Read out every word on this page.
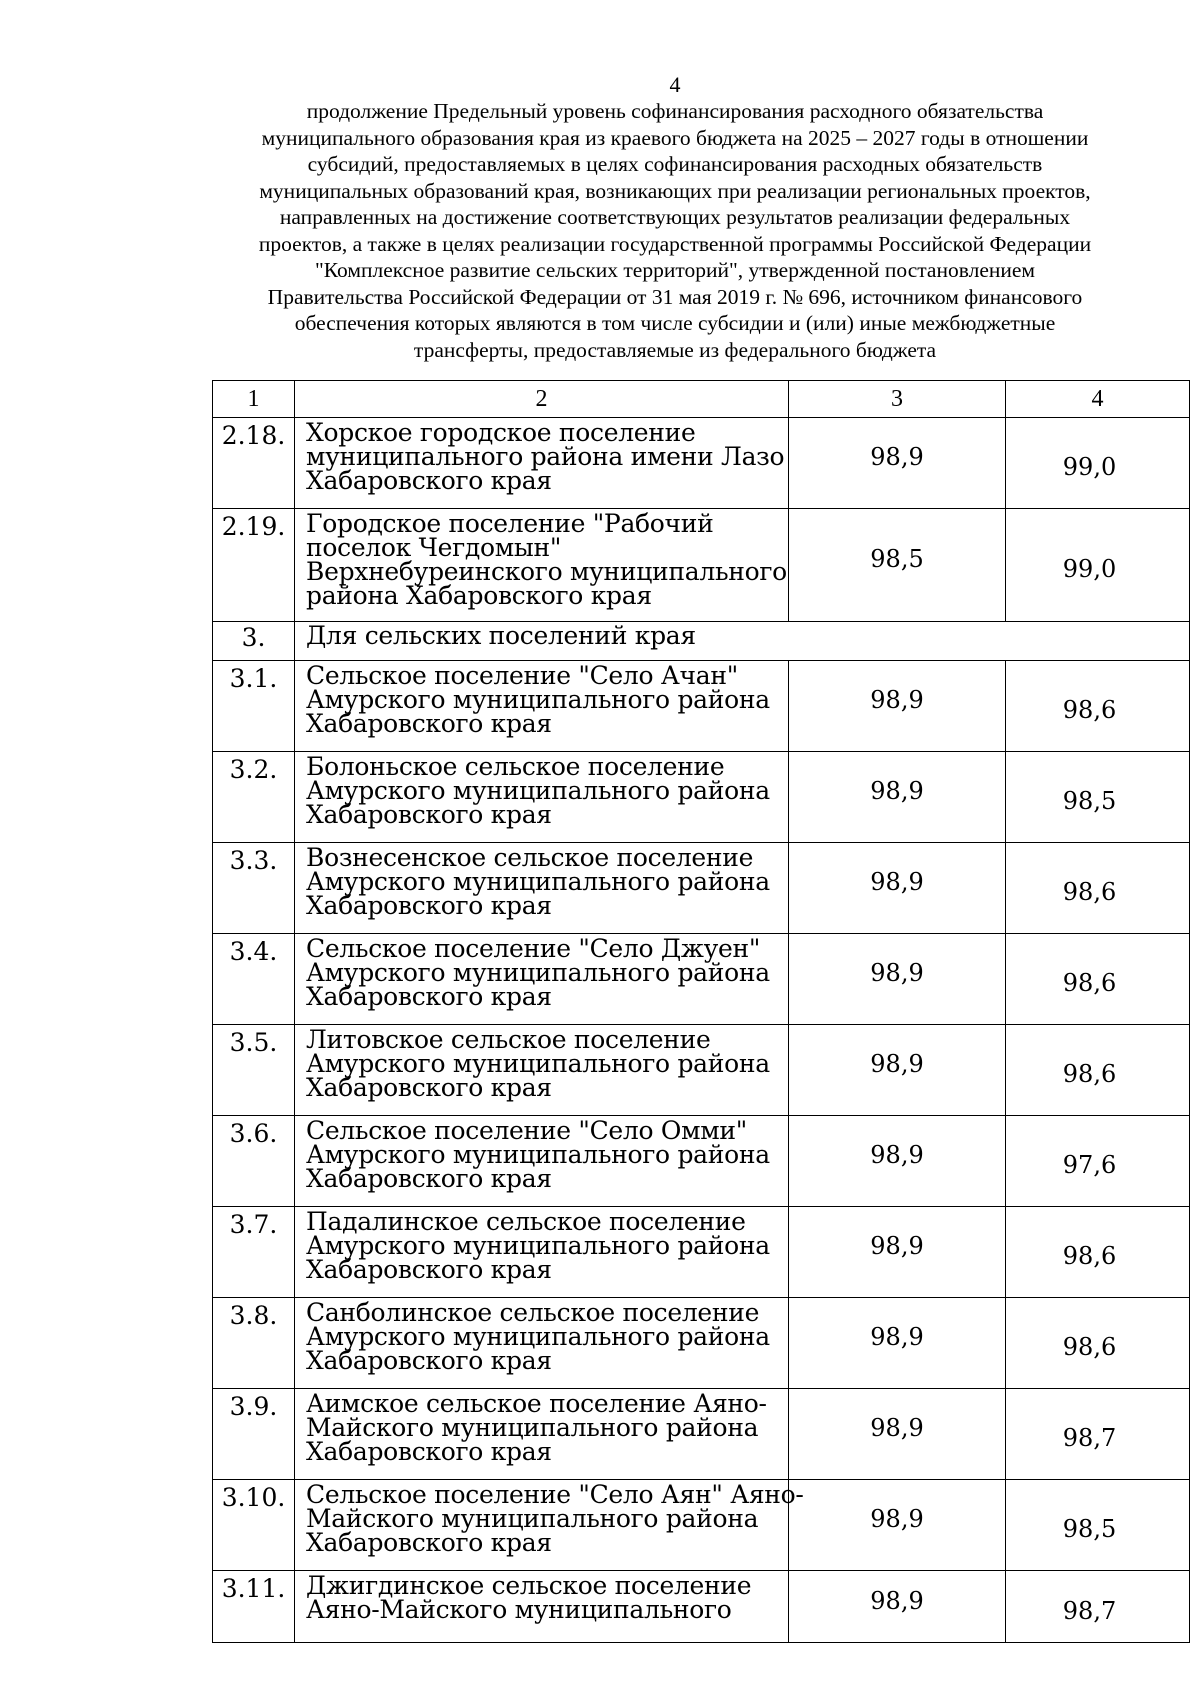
4
продолжение Предельный уровень софинансирования расходного обязательства
муниципального образования края из краевого бюджета на 2025 – 2027 годы в отношении
субсидий, предоставляемых в целях софинансирования расходных обязательств
муниципальных образований края, возникающих при реализации региональных проектов,
направленных на достижение соответствующих результатов реализации федеральных
проектов, а также в целях реализации государственной программы Российской Федерации
"Комплексное развитие сельских территорий", утвержденной постановлением
Правительства Российской Федерации от 31 мая 2019 г. № 696, источником финансового
обеспечения которых являются в том числе субсидии и (или) иные межбюджетные
трансферты, предоставляемые из федерального бюджета
1	2	3	4
2.18.	Хорское городское поселение
муниципального района имени Лазо
Хабаровского края	98,9	99,0
2.19.	Городское поселение "Рабочий
поселок Чегдомын"
Верхнебуреинского муниципального
района Хабаровского края	98,5	99,0
3.	Для сельских поселений края		

3.1.	Сельское поселение "Село Ачан"
Амурского муниципального района
Хабаровского края	98,9	98,6
3.2.	Болоньское сельское поселение
Амурского муниципального района
Хабаровского края	98,9	98,5
3.3.	Вознесенское сельское поселение
Амурского муниципального района
Хабаровского края	98,9	98,6
3.4.	Сельское поселение "Село Джуен"
Амурского муниципального района
Хабаровского края	98,9	98,6
3.5.	Литовское сельское поселение
Амурского муниципального района
Хабаровского края	98,9	98,6
3.6.	Сельское поселение "Село Омми"
Амурского муниципального района
Хабаровского края	98,9	97,6
3.7.	Падалинское сельское поселение
Амурского муниципального района
Хабаровского края	98,9	98,6
3.8.	Санболинское сельское поселение
Амурского муниципального района
Хабаровского края	98,9	98,6
3.9.	Аимское сельское поселение Аяно-
Майского муниципального района
Хабаровского края	98,9	98,7
3.10.	Сельское поселение "Село Аян" Аяно-
Майского муниципального района
Хабаровского края	98,9	98,5
3.11.	Джигдинское сельское поселение
Аяно-Майского муниципального	98,9	98,7
